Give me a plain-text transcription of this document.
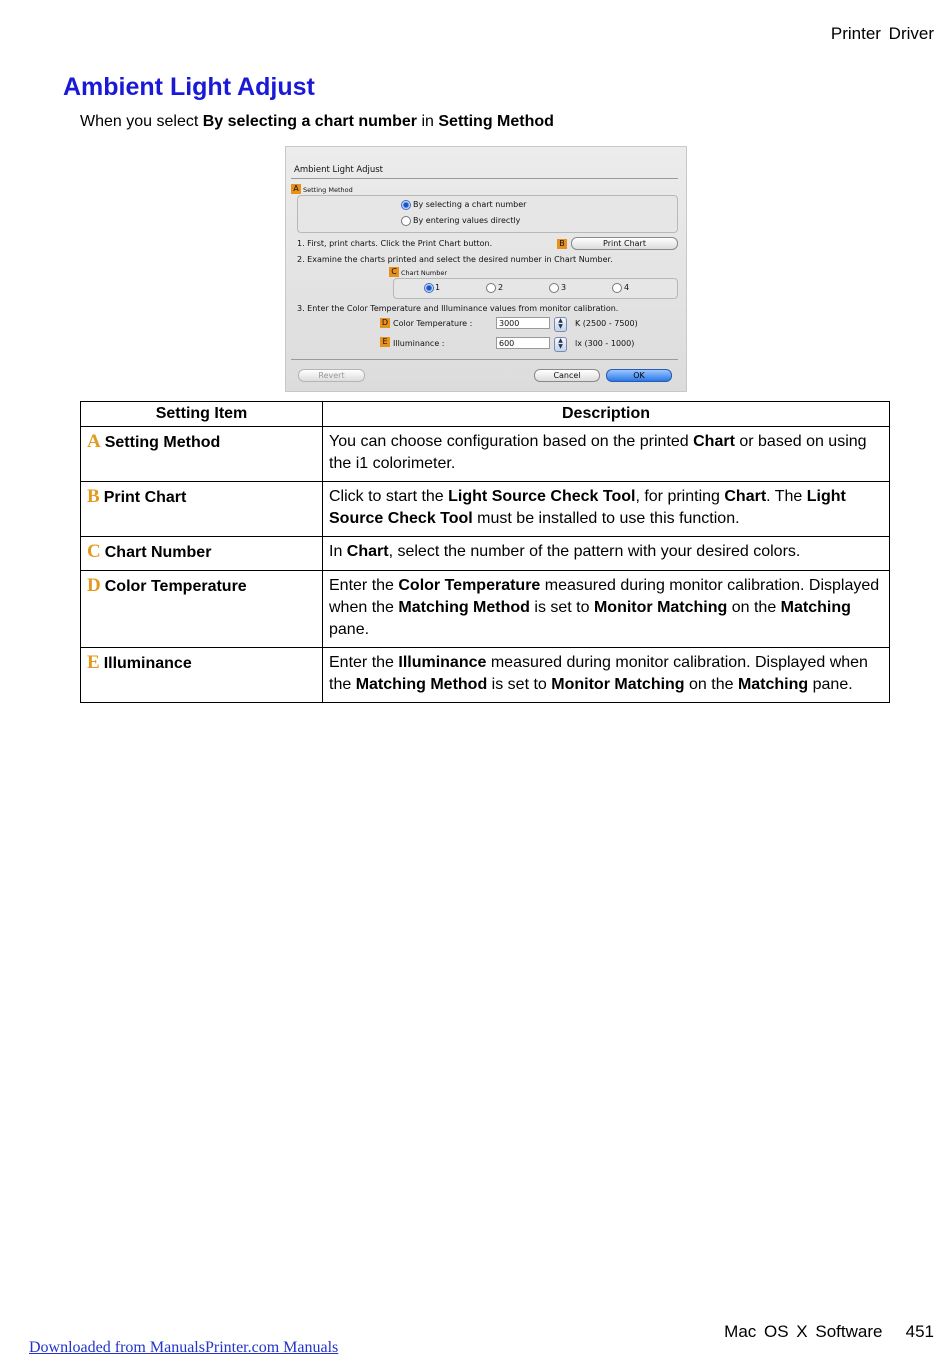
Printer Driver
Ambient Light Adjust
When you select By selecting a chart number in Setting Method
Ambient Light Adjust
A Setting Method
By selecting a chart number
By entering values directly
1. First, print charts. Click the Print Chart button.	B	Print Chart
2. Examine the charts printed and select the desired number in Chart Number.
C Chart Number
1	2	3	4
3. Enter the Color Temperature and Illuminance values from monitor calibration.
D Color Temperature :	3000	▲
▼	K (2500 - 7500)
E Illuminance :	600	▲
▼	lx (300 - 1000)
Revert	Cancel	OK
Setting Item	Description
A Setting Method	You can choose configuration based on the printed Chart or based on using the i1 colorimeter.
B Print Chart	Click to start the Light Source Check Tool, for printing Chart. The Light Source Check Tool must be installed to use this function.
C Chart Number	In Chart, select the number of the pattern with your desired colors.
D Color Temperature	Enter the Color Temperature measured during monitor calibration. Displayed when the Matching Method is set to Monitor Matching on the Matching pane.
E Illuminance	Enter the Illuminance measured during monitor calibration. Displayed when the Matching Method is set to Monitor Matching on the Matching pane.
Mac OS X Software 451
Downloaded from ManualsPrinter.com Manuals
